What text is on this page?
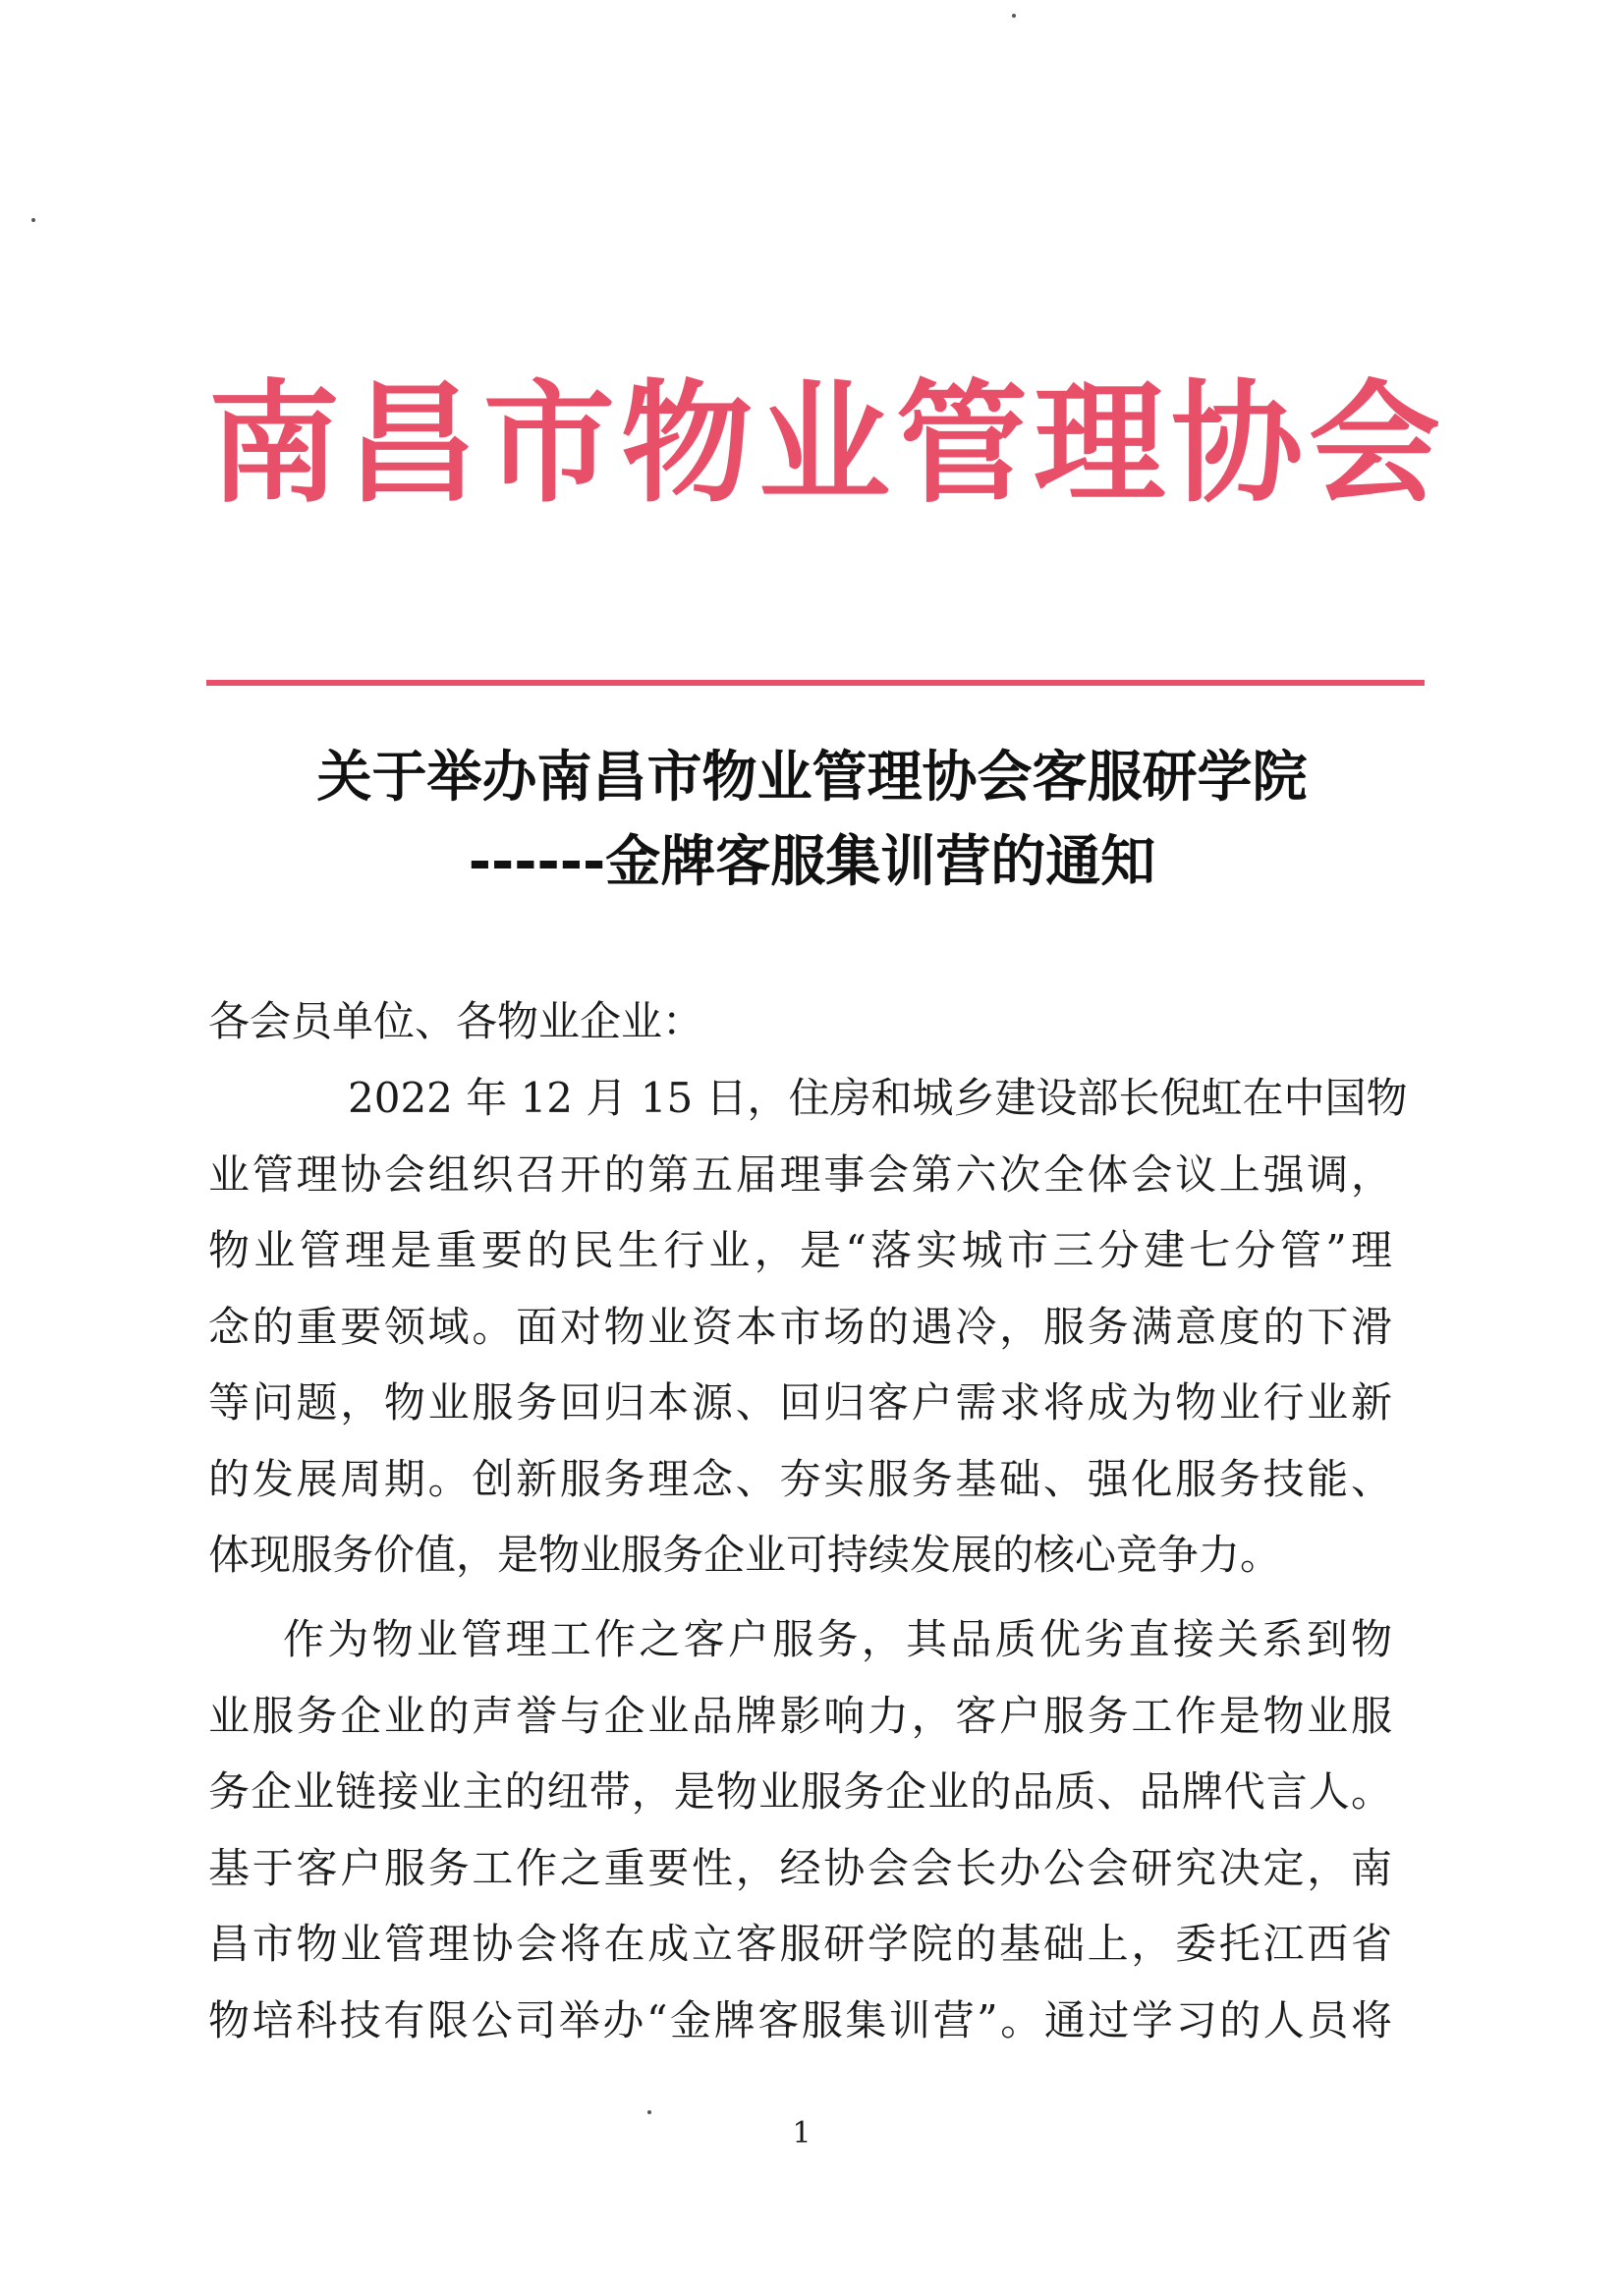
南昌市物业管理协会
关于举办南昌市物业管理协会客服研学院
------金牌客服集训营的通知

各会员单位、各物业企业：

2022 年 12 月 15 日，住房和城乡建设部长倪虹在中国物
业管理协会组织召开的第五届理事会第六次全体会议上强调，
物业管理是重要的民生行业，是“落实城市三分建七分管”理
念的重要领域。面对物业资本市场的遇冷，服务满意度的下滑
等问题，物业服务回归本源、回归客户需求将成为物业行业新
的发展周期。创新服务理念、夯实服务基础、强化服务技能、
体现服务价值，是物业服务企业可持续发展的核心竞争力。
作为物业管理工作之客户服务，其品质优劣直接关系到物
业服务企业的声誉与企业品牌影响力，客户服务工作是物业服
务企业链接业主的纽带，是物业服务企业的品质、品牌代言人。
基于客户服务工作之重要性，经协会会长办公会研究决定，南
昌市物业管理协会将在成立客服研学院的基础上，委托江西省
物培科技有限公司举办“金牌客服集训营”。通过学习的人员将

1
